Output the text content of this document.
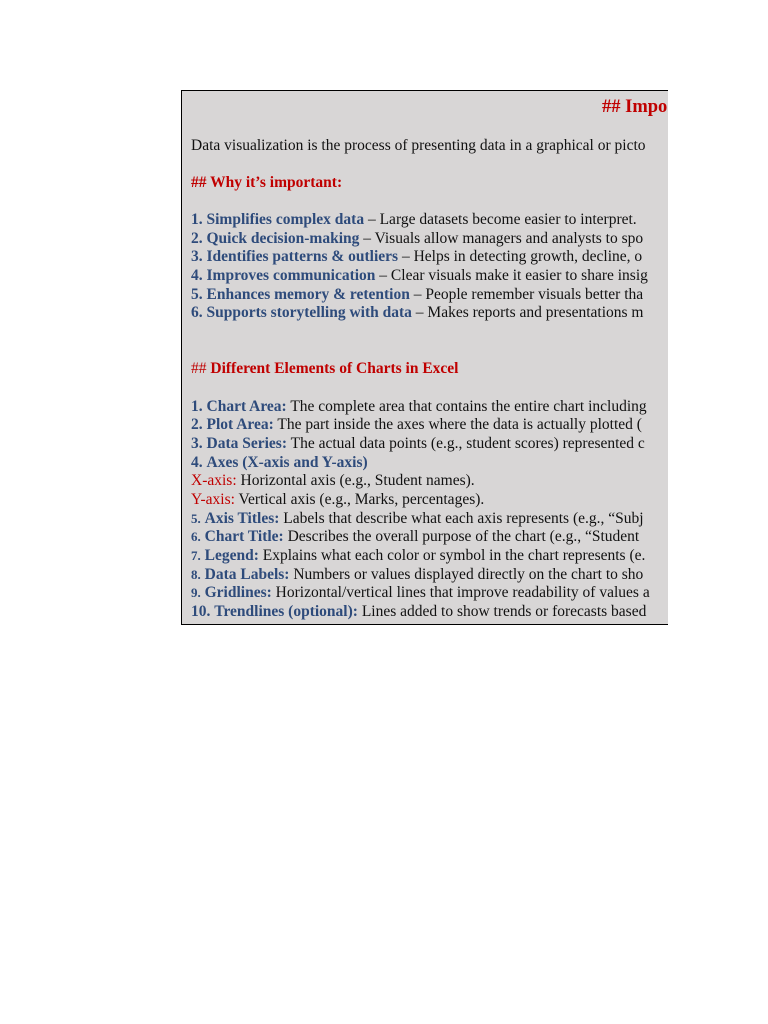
## Impo
Data visualization is the process of presenting data in a graphical or picto
## Why it’s important:
1. Simplifies complex data – Large datasets become easier to interpret.
2. Quick decision-making – Visuals allow managers and analysts to spo
3. Identifies patterns & outliers – Helps in detecting growth, decline, o
4. Improves communication – Clear visuals make it easier to share insig
5. Enhances memory & retention – People remember visuals better tha
6. Supports storytelling with data – Makes reports and presentations m
## Different Elements of Charts in Excel
1. Chart Area: The complete area that contains the entire chart including
2. Plot Area: The part inside the axes where the data is actually plotted (
3. Data Series: The actual data points (e.g., student scores) represented c
4. Axes (X-axis and Y-axis)
X-axis: Horizontal axis (e.g., Student names).
Y-axis: Vertical axis (e.g., Marks, percentages).
5. Axis Titles: Labels that describe what each axis represents (e.g., “Subj
6. Chart Title: Describes the overall purpose of the chart (e.g., “Student
7. Legend: Explains what each color or symbol in the chart represents (e.
8. Data Labels: Numbers or values displayed directly on the chart to sho
9. Gridlines: Horizontal/vertical lines that improve readability of values a
10. Trendlines (optional): Lines added to show trends or forecasts based
